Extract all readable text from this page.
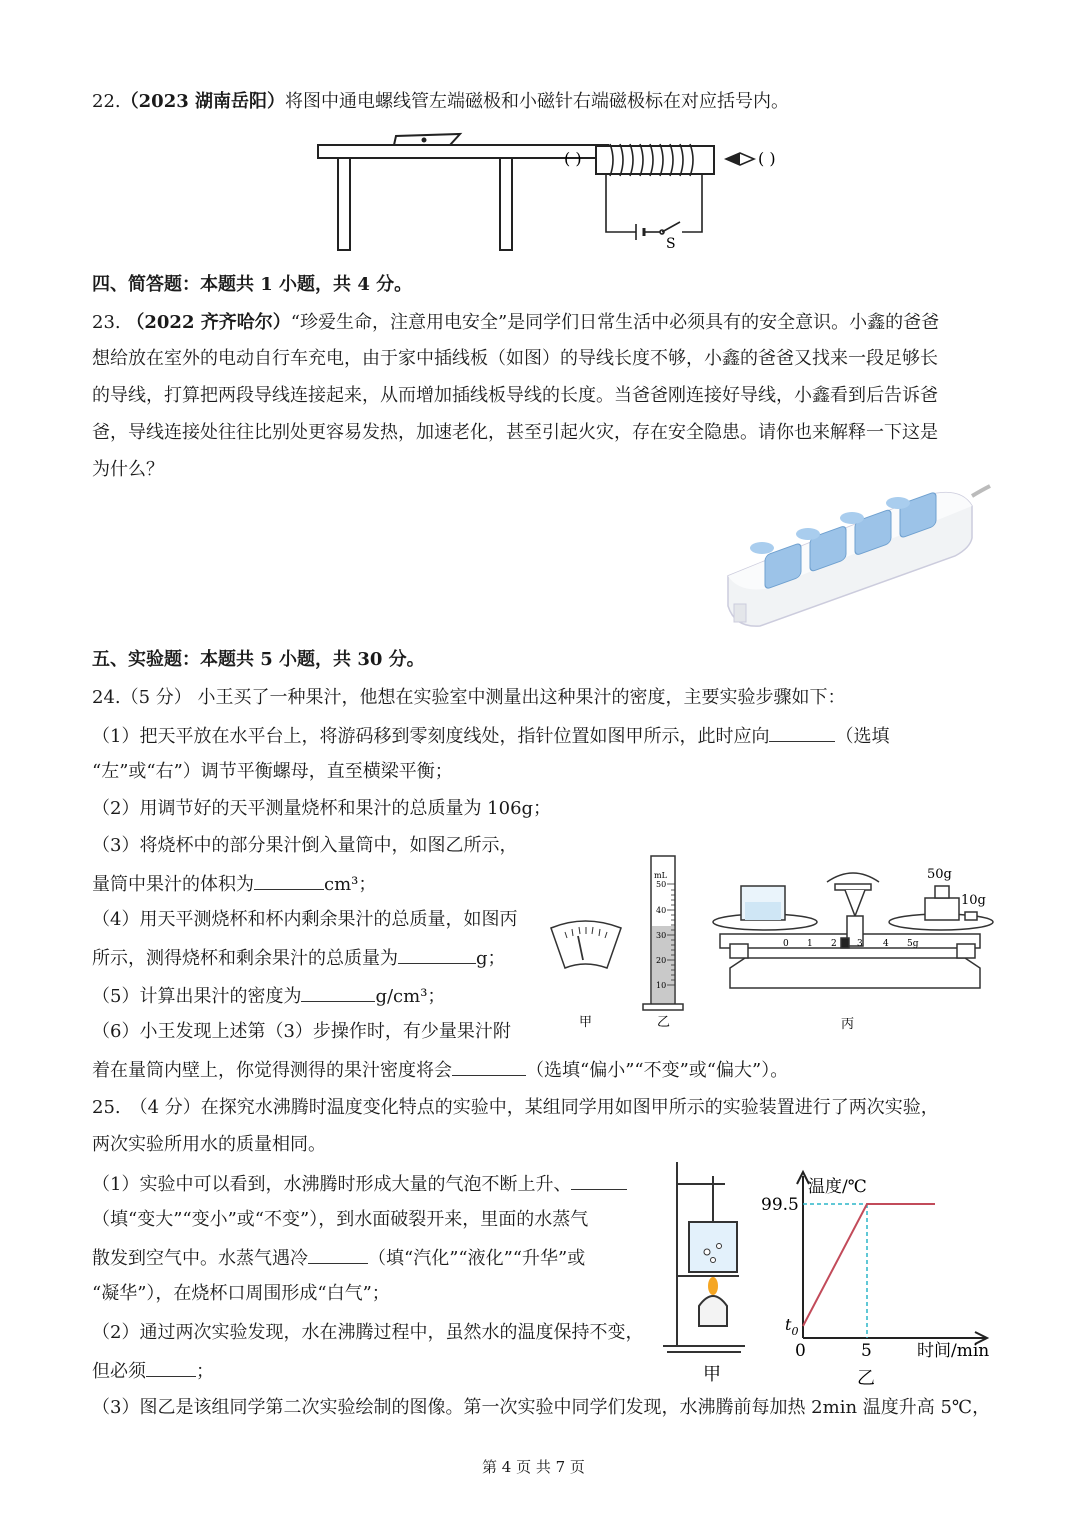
22.（2023 湖南岳阳）将图中通电螺线管左端磁极和小磁针右端磁极标在对应括号内。
( )	( )
S
四、简答题：本题共 1 小题，共 4 分。
23. （2022 齐齐哈尔）“珍爱生命，注意用电安全”是同学们日常生活中必须具有的安全意识。小鑫的爸爸
想给放在室外的电动自行车充电，由于家中插线板（如图）的导线长度不够，小鑫的爸爸又找来一段足够长
的导线，打算把两段导线连接起来，从而增加插线板导线的长度。当爸爸刚连接好导线，小鑫看到后告诉爸
爸，导线连接处往往比别处更容易发热，加速老化，甚至引起火灾，存在安全隐患。请你也来解释一下这是
为什么？
五、实验题：本题共 5 小题，共 30 分。
24.（5 分） 小王买了一种果汁，他想在实验室中测量出这种果汁的密度，主要实验步骤如下：
（1）把天平放在水平台上，将游码移到零刻度线处，指针位置如图甲所示，此时应向	（选填
“左”或“右”）调节平衡螺母，直至横梁平衡；
（2）用调节好的天平测量烧杯和果汁的总质量为 106g；
（3）将烧杯中的部分果汁倒入量筒中，如图乙所示，
量筒中果汁的体积为	cm³；
（4）用天平测烧杯和杯内剩余果汁的总质量，如图丙
所示，测得烧杯和剩余果汁的总质量为	g；
（5）计算出果汁的密度为	g/cm³；
（6）小王发现上述第（3）步操作时，有少量果汁附
着在量筒内壁上，你觉得测得的果汁密度将会	（选填“偏小”“不变”或“偏大”）。
甲
mL
50
40
30
20
10
乙
0 1 2 3 4 5g
50g
10g
丙
25.　（4 分）在探究水沸腾时温度变化特点的实验中，某组同学用如图甲所示的实验装置进行了两次实验，
两次实验所用水的质量相同。
（1）实验中可以看到，水沸腾时形成大量的气泡不断上升、
（填“变大”“变小”或“不变”），到水面破裂开来，里面的水蒸气
散发到空气中。水蒸气遇冷	（填“汽化”“液化”“升华”或
“凝华”），在烧杯口周围形成“白气”；
（2）通过两次实验发现，水在沸腾过程中，虽然水的温度保持不变，
但必须	；
（3）图乙是该组同学第二次实验绘制的图像。第一次实验中同学们发现，水沸腾前每加热 2min 温度升高 5℃，
甲
温度/℃
99.5
$t_0$
0	5	时间/min
乙
第 4 页 共 7 页
